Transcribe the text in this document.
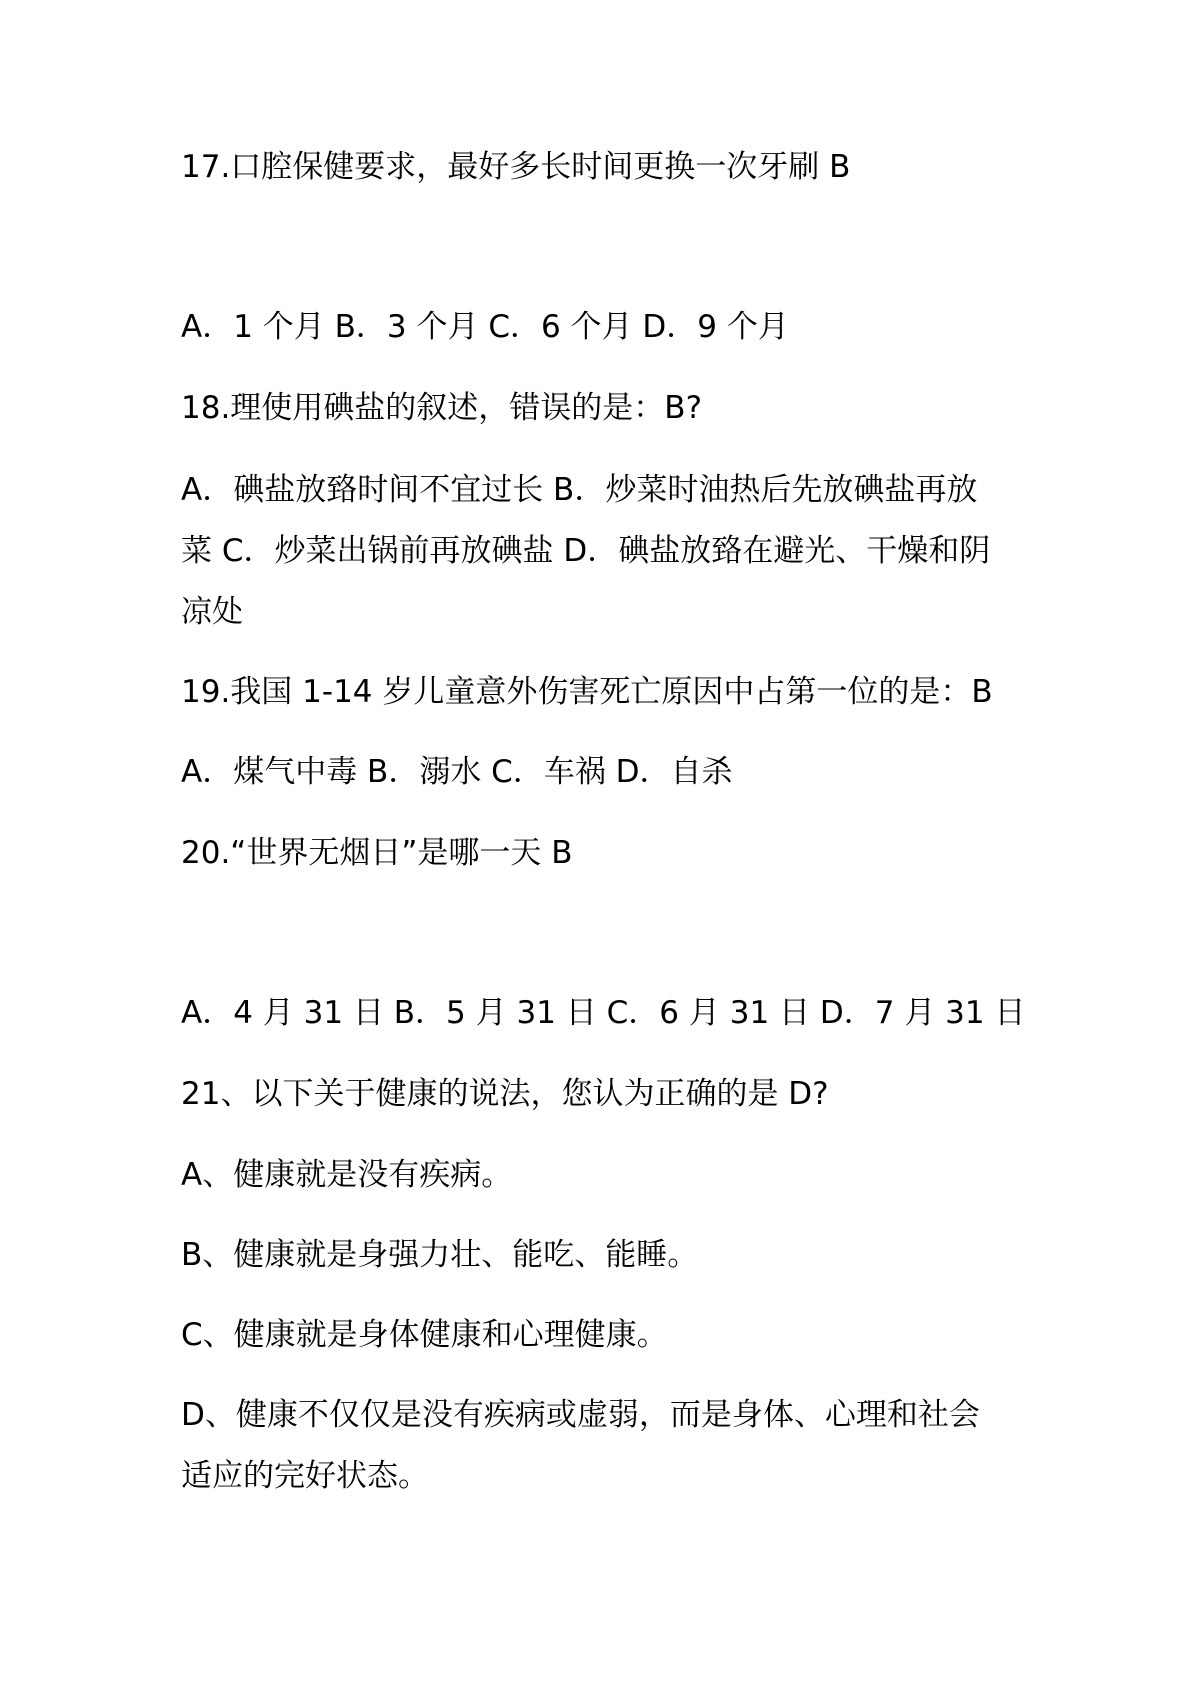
17.口腔保健要求，最好多长时间更换一次牙刷 B
A．1 个月 B．3 个月 C．6 个月 D．9 个月
18.理使用碘盐的叙述，错误的是：B?
A．碘盐放臵时间不宜过长 B．炒菜时油热后先放碘盐再放
菜 C．炒菜出锅前再放碘盐 D．碘盐放臵在避光、干燥和阴
凉处
19.我国 1-14 岁儿童意外伤害死亡原因中占第一位的是：B
A．煤气中毒 B．溺水 C．车祸 D．自杀
20.“世界无烟日”是哪一天 B
A．4 月 31 日 B．5 月 31 日 C．6 月 31 日 D．7 月 31 日
21、以下关于健康的说法，您认为正确的是 D?
A、健康就是没有疾病。
B、健康就是身强力壮、能吃、能睡。
C、健康就是身体健康和心理健康。
D、健康不仅仅是没有疾病或虚弱，而是身体、心理和社会
适应的完好状态。
